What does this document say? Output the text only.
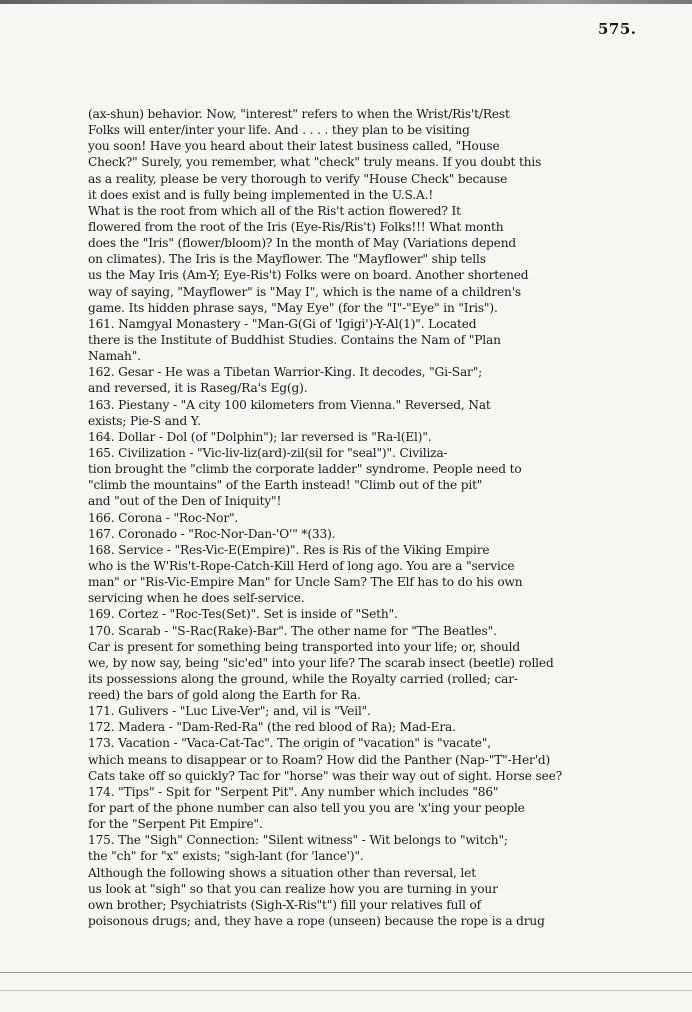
575.
(ax-shun) behavior. Now, "interest" refers to when the Wrist/Ris't/Rest
Folks will enter/inter your life. And . . . . they plan to be visiting
you soon! Have you heard about their latest business called, "House
Check?" Surely, you remember, what "check" truly means. If you doubt this
as a reality, please be very thorough to verify "House Check" because
it does exist and is fully being implemented in the U.S.A.!
What is the root from which all of the Ris't action flowered? It
flowered from the root of the Iris (Eye-Ris/Ris't) Folks!!! What month
does the "Iris" (flower/bloom)? In the month of May (Variations depend
on climates). The Iris is the Mayflower. The "Mayflower" ship tells
us the May Iris (Am-Y; Eye-Ris't) Folks were on board. Another shortened
way of saying, "Mayflower" is "May I", which is the name of a children's
game. Its hidden phrase says, "May Eye" (for the "I"-"Eye" in "Iris").
161. Namgyal Monastery - "Man-G(Gi of 'Igigi')-Y-Al(1)". Located
there is the Institute of Buddhist Studies. Contains the Nam of "Plan
Namah".
162. Gesar - He was a Tibetan Warrior-King. It decodes, "Gi-Sar";
and reversed, it is Raseg/Ra's Eg(g).
163. Piestany - "A city 100 kilometers from Vienna." Reversed, Nat
exists; Pie-S and Y.
164. Dollar - Dol (of "Dolphin"); lar reversed is "Ra-l(El)".
165. Civilization - "Vic-liv-liz(ard)-zil(sil for "seal")". Civiliza-
tion brought the "climb the corporate ladder" syndrome. People need to
"climb the mountains" of the Earth instead! "Climb out of the pit"
and "out of the Den of Iniquity"!
166. Corona - "Roc-Nor".
167. Coronado - "Roc-Nor-Dan-'O'" *(33).
168. Service - "Res-Vic-E(Empire)". Res is Ris of the Viking Empire
who is the W'Ris't-Rope-Catch-Kill Herd of long ago. You are a "service
man" or "Ris-Vic-Empire Man" for Uncle Sam? The Elf has to do his own
servicing when he does self-service.
169. Cortez - "Roc-Tes(Set)". Set is inside of "Seth".
170. Scarab - "S-Rac(Rake)-Bar". The other name for "The Beatles".
Car is present for something being transported into your life; or, should
we, by now say, being "sic'ed" into your life? The scarab insect (beetle) rolled
its possessions along the ground, while the Royalty carried (rolled; car-
reed) the bars of gold along the Earth for Ra.
171. Gulivers - "Luc Live-Ver"; and, vil is "Veil".
172. Madera - "Dam-Red-Ra" (the red blood of Ra); Mad-Era.
173. Vacation - "Vaca-Cat-Tac". The origin of "vacation" is "vacate",
which means to disappear or to Roam? How did the Panther (Nap-"T"-Her'd)
Cats take off so quickly? Tac for "horse" was their way out of sight. Horse see?
174. "Tips" - Spit for "Serpent Pit". Any number which includes "86"
for part of the phone number can also tell you you are 'x'ing your people
for the "Serpent Pit Empire".
175. The "Sigh" Connection: "Silent witness" - Wit belongs to "witch";
the "ch" for "x" exists; "sigh-lant (for 'lance')".
Although the following shows a situation other than reversal, let
us look at "sigh" so that you can realize how you are turning in your
own brother; Psychiatrists (Sigh-X-Ris"t") fill your relatives full of
poisonous drugs; and, they have a rope (unseen) because the rope is a drug
